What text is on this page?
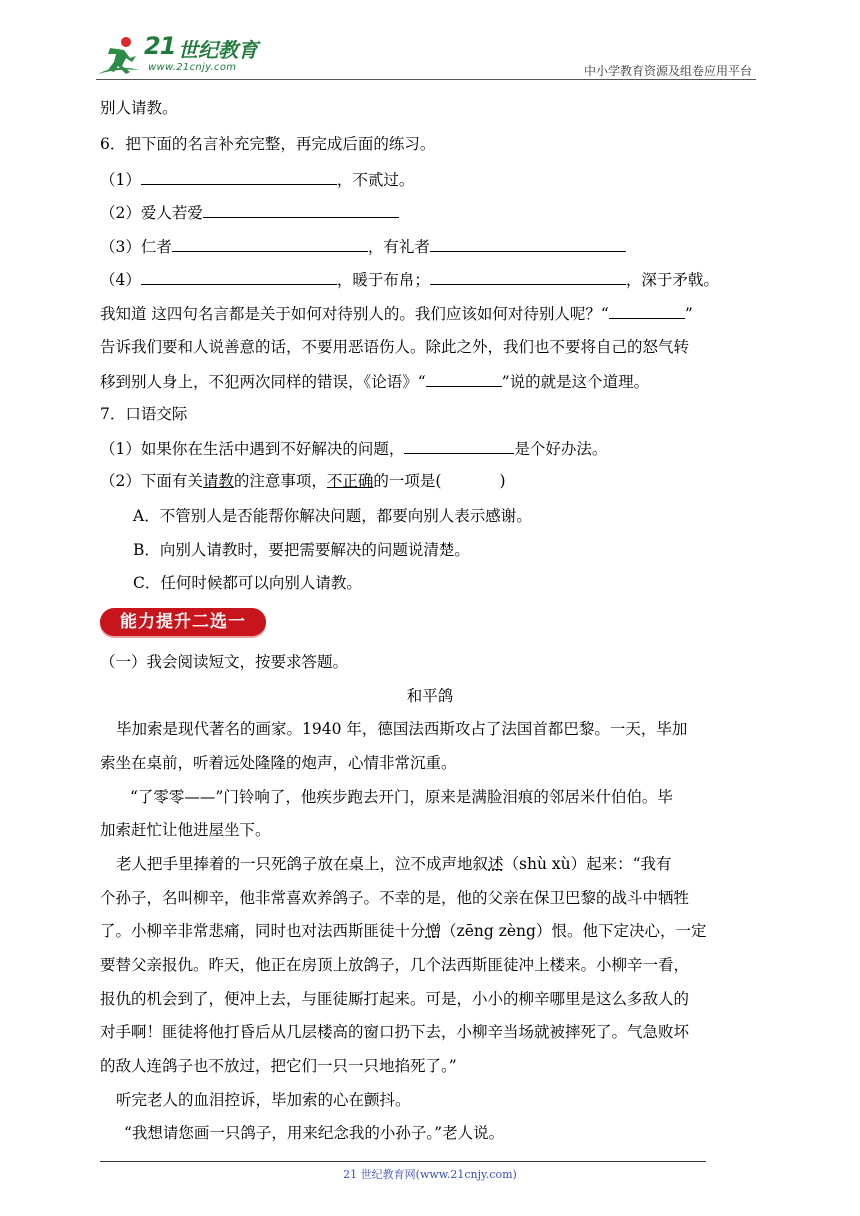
21 世纪教育
www.21cnjy.com	中小学教育资源及组卷应用平台
别人请教。
6．把下面的名言补充完整，再完成后面的练习。
（1）	，不贰过。
（2）爱人若爱
（3）仁者	，有礼者
（4）	，暖于布帛；	，深于矛戟。
我知道 这四句名言都是关于如何对待别人的。我们应该如何对待别人呢？“	”
告诉我们要和人说善意的话，不要用恶语伤人。除此之外，我们也不要将自己的怒气转
移到别人身上，不犯两次同样的错误，《论语》“	”说的就是这个道理。
7．口语交际
（1）如果你在生活中遇到不好解决的问题，	是个好办法。
（2）下面有关请教的注意事项，不正确的一项是(	)
A．不管别人是否能帮你解决问题，都要向别人表示感谢。
B．向别人请教时，要把需要解决的问题说清楚。
C．任何时候都可以向别人请教。
能力提升二选一
（一）我会阅读短文，按要求答题。
和平鸽
毕加索是现代著名的画家。1940 年，德国法西斯攻占了法国首都巴黎。一天，毕加
索坐在桌前，听着远处隆隆的炮声，心情非常沉重。
“了零零——”门铃响了，他疾步跑去开门，原来是满脸泪痕的邻居米什伯伯。毕
加索赶忙让他进屋坐下。
老人把手里捧着的一只死鸽子放在桌上，泣不成声地叙述（shù xù）起来：“我有
个孙子，名叫柳辛，他非常喜欢养鸽子。不幸的是，他的父亲在保卫巴黎的战斗中牺牲
了。小柳辛非常悲痛，同时也对法西斯匪徒十分憎（zēng zèng）恨。他下定决心，一定
要替父亲报仇。昨天，他正在房顶上放鸽子，几个法西斯匪徒冲上楼来。小柳辛一看，
报仇的机会到了，便冲上去，与匪徒厮打起来。可是，小小的柳辛哪里是这么多敌人的
对手啊！匪徒将他打昏后从几层楼高的窗口扔下去，小柳辛当场就被摔死了。气急败坏
的敌人连鸽子也不放过，把它们一只一只地掐死了。”
听完老人的血泪控诉，毕加索的心在颤抖。
“我想请您画一只鸽子，用来纪念我的小孙子。”老人说。
21 世纪教育网(www.21cnjy.com)
